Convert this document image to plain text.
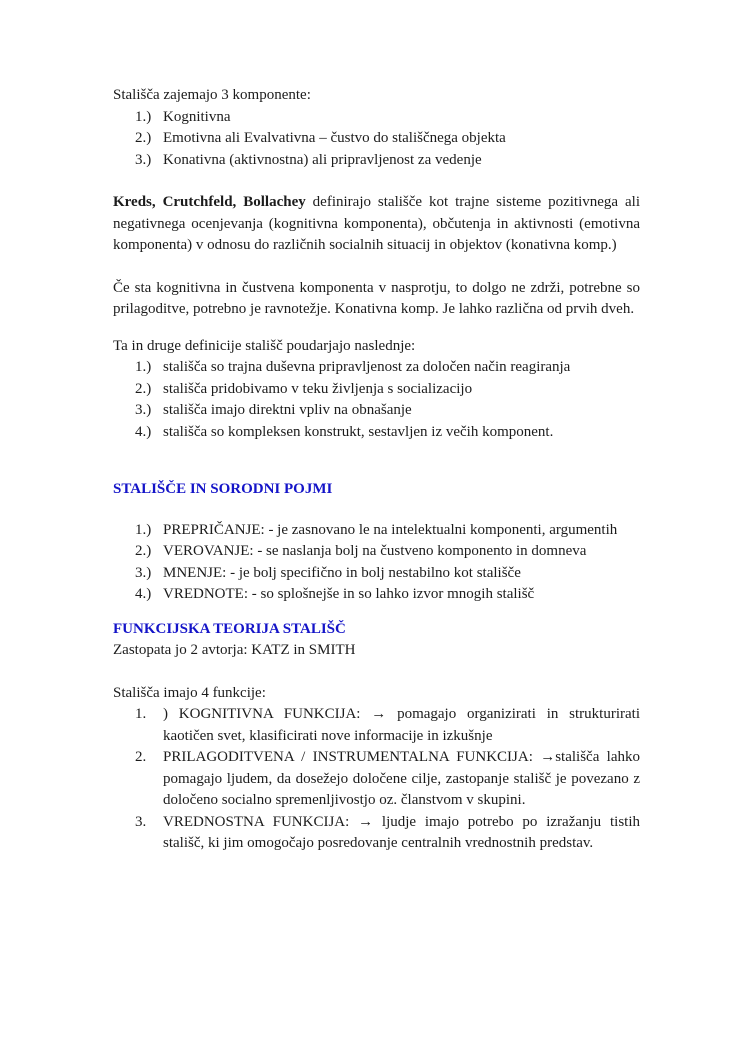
Stališča zajemajo 3 komponente:

1.) Kognitivna
2.) Emotivna ali Evalvativna – čustvo do stališčnega objekta
3.) Konativna (aktivnostna) ali pripravljenost za vedenje

Kreds, Crutchfeld, Bollachey definirajo stališče kot trajne sisteme pozitivnega ali negativnega ocenjevanja (kognitivna komponenta), občutenja in aktivnosti (emotivna komponenta) v odnosu do različnih socialnih situacij in objektov (konativna komp.)

Če sta kognitivna in čustvena komponenta v nasprotju, to dolgo ne zdrži, potrebne so prilagoditve, potrebno je ravnotežje. Konativna komp. Je lahko različna od prvih dveh.

Ta in druge definicije stališč poudarjajo naslednje:

1.) stališča so trajna duševna pripravljenost za določen način reagiranja
2.) stališča pridobivamo v teku življenja s socializacijo
3.) stališča imajo direktni vpliv na obnašanje
4.) stališča so kompleksen konstrukt, sestavljen iz večih komponent.

STALIŠČE IN SORODNI POJMI

1.) PREPRIČANJE: - je zasnovano le na intelektualni komponenti, argumentih
2.) VEROVANJE: - se naslanja bolj na čustveno komponento in domneva
3.) MNENJE: - je bolj specifično in bolj nestabilno kot stališče
4.) VREDNOTE: - so splošnejše in so lahko izvor mnogih stališč

FUNKCIJSKA TEORIJA STALIŠČ

Zastopata jo 2 avtorja: KATZ in SMITH

Stališča imajo 4 funkcije:

1.	) KOGNITIVNA FUNKCIJA: → pomagajo organizirati in strukturirati kaotičen svet, klasificirati nove informacije in izkušnje
2.	PRILAGODITVENA / INSTRUMENTALNA FUNKCIJA: →stališča lahko pomagajo ljudem, da dosežejo določene cilje, zastopanje stališč je povezano z določeno socialno spremenljivostjo oz. članstvom v skupini.
3.	VREDNOSTNA FUNKCIJA: → ljudje imajo potrebo po izražanju tistih stališč, ki jim omogočajo posredovanje centralnih vrednostnih predstav.
